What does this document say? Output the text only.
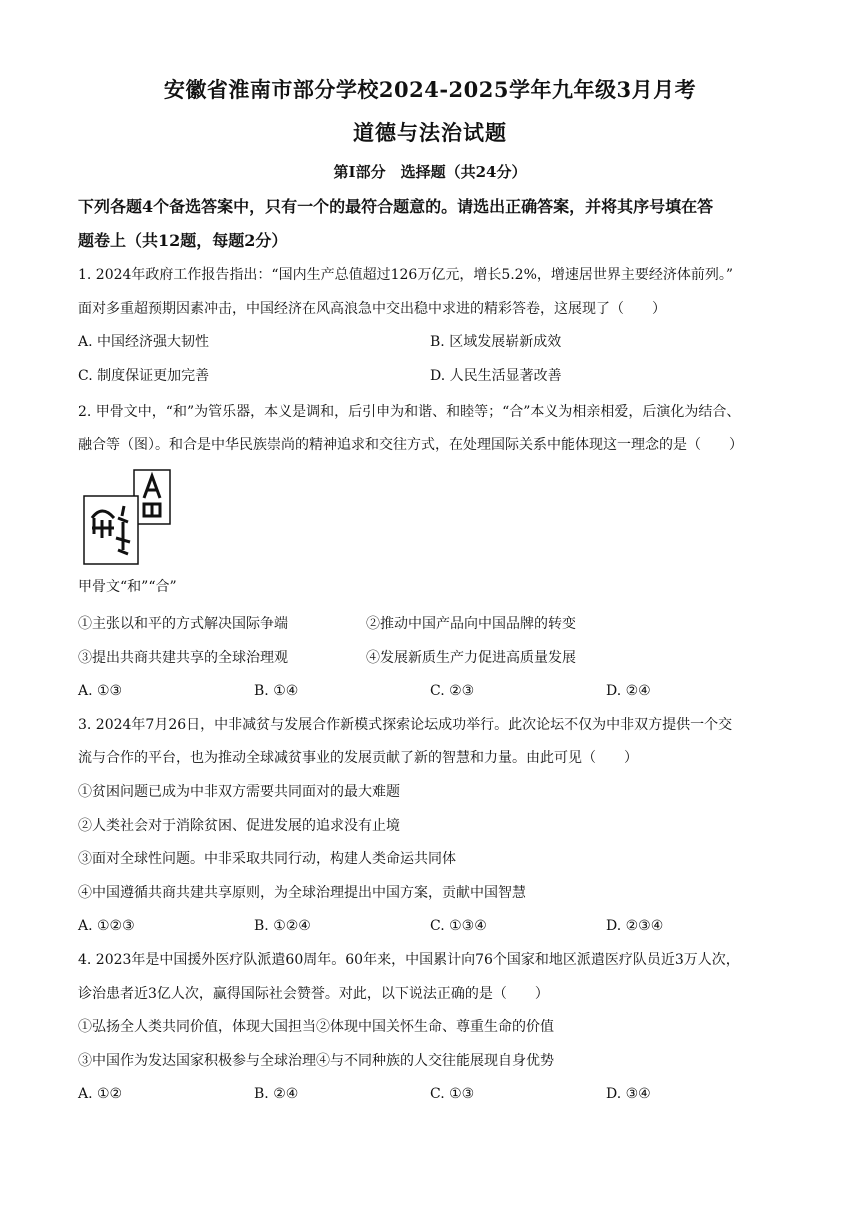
安徽省淮南市部分学校2024-2025学年九年级3月月考
道德与法治试题
第Ⅰ部分　选择题（共24分）
下列各题4个备选答案中，只有一个的最符合题意的。请选出正确答案，并将其序号填在答
题卷上（共12题，每题2分）
1. 2024年政府工作报告指出：“国内生产总值超过126万亿元，增长5.2%，增速居世界主要经济体前列。”
面对多重超预期因素冲击，中国经济在风高浪急中交出稳中求进的精彩答卷，这展现了（　　）
A. 中国经济强大韧性	B. 区域发展崭新成效
C. 制度保证更加完善	D. 人民生活显著改善
2. 甲骨文中，“和”为管乐器，本义是调和，后引申为和谐、和睦等；“合”本义为相亲相爱，后演化为结合、
融合等（图）。和合是中华民族崇尚的精神追求和交往方式，在处理国际关系中能体现这一理念的是（　　）
甲骨文“和”“合”
①主张以和平的方式解决国际争端	②推动中国产品向中国品牌的转变
③提出共商共建共享的全球治理观	④发展新质生产力促进高质量发展
A. ①③	B. ①④	C. ②③	D. ②④
3. 2024年7月26日，中非减贫与发展合作新模式探索论坛成功举行。此次论坛不仅为中非双方提供一个交
流与合作的平台，也为推动全球减贫事业的发展贡献了新的智慧和力量。由此可见（　　）
①贫困问题已成为中非双方需要共同面对的最大难题
②人类社会对于消除贫困、促进发展的追求没有止境
③面对全球性问题。中非采取共同行动，构建人类命运共同体
④中国遵循共商共建共享原则，为全球治理提出中国方案，贡献中国智慧
A. ①②③	B. ①②④	C. ①③④	D. ②③④
4. 2023年是中国援外医疗队派遣60周年。60年来，中国累计向76个国家和地区派遣医疗队员近3万人次，
诊治患者近3亿人次，赢得国际社会赞誉。对此，以下说法正确的是（　　）
①弘扬全人类共同价值，体现大国担当②体现中国关怀生命、尊重生命的价值
③中国作为发达国家积极参与全球治理④与不同种族的人交往能展现自身优势
A. ①②	B. ②④	C. ①③	D. ③④
